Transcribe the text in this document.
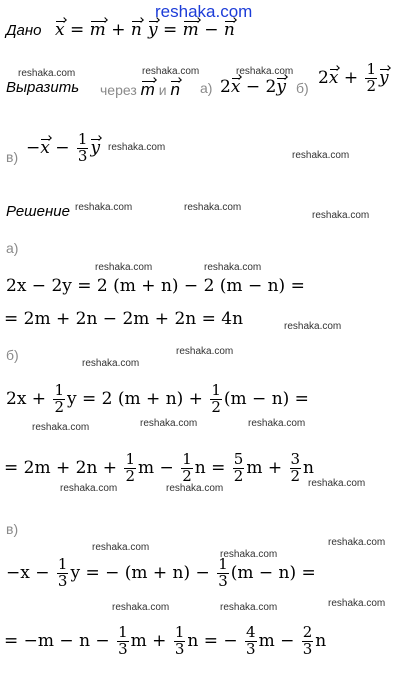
reshaka.com
Дано x = m + n y = m − n
Выразить через m и n а) 2x − 2y б)
$2x + \frac{1}{2}$ y
$в) -x - \frac{1}{3}$ y
Решение
а)
2x − 2y = 2 (m + n) − 2 (m − n) =
= 2m + 2n − 2m + 2n = 4n
б)
$2x + \frac{1}{2}$ y = 2 $(m + n) + \frac{1}{2} (m - n)$ =
= $2m + 2n + \frac{1}{2}$ $m - \frac{1}{2}$ $n = \frac{5}{2}$ $m + \frac{3}{2}$ n
в)
$-x - \frac{1}{3}$ y = − $(m + n) - \frac{1}{3} (m - n)$ =
= $-m - n - \frac{1}{3}$ $m + \frac{1}{3}$ n = − $\frac{4}{3}$ $m - \frac{2}{3}$ n
reshaka.com	reshaka.com	reshaka.com
reshaka.com
reshaka.com
reshaka.com	reshaka.com
reshaka.com
reshaka.com	reshaka.com
reshaka.com
reshaka.com
reshaka.com
reshaka.com	reshaka.com	reshaka.com
reshaka.com	reshaka.com	reshaka.com
reshaka.com
reshaka.com
reshaka.com
reshaka.com	reshaka.com	reshaka.com
